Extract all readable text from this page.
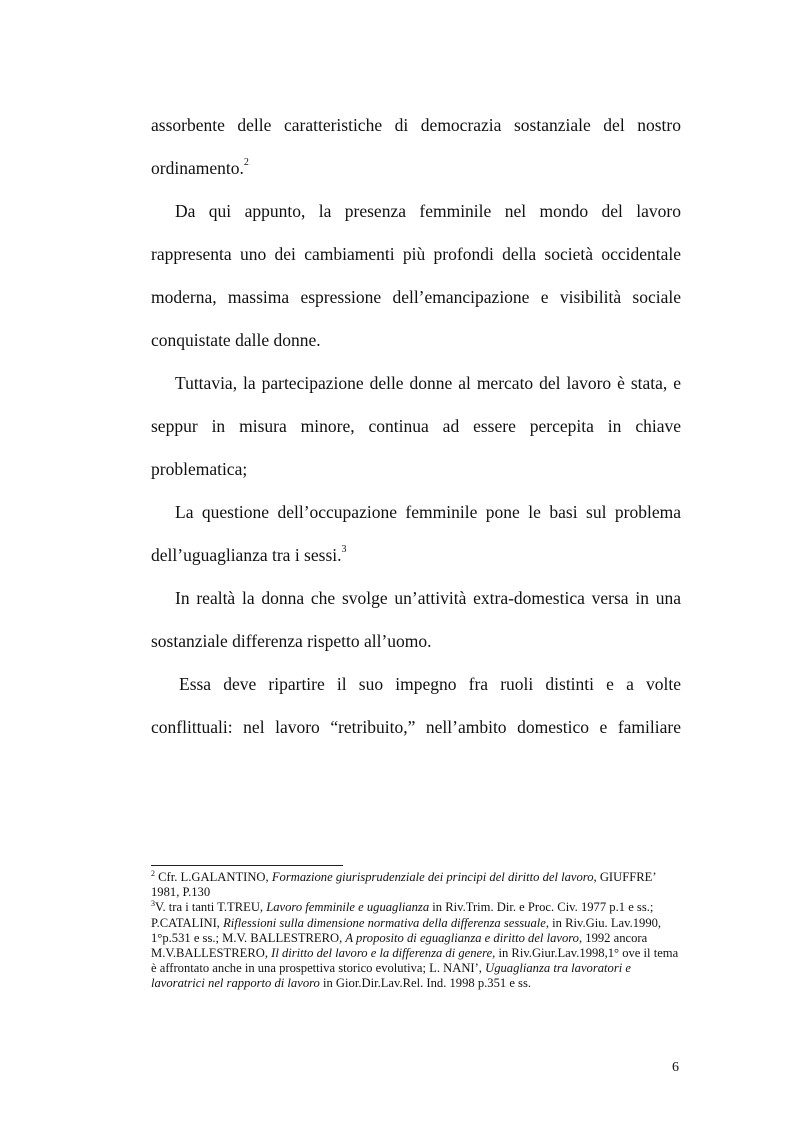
assorbente delle caratteristiche di democrazia sostanziale del nostro ordinamento.$^2$

Da qui appunto, la presenza femminile nel mondo del lavoro rappresenta uno dei cambiamenti più profondi della società occidentale moderna, massima espressione dell’emancipazione e visibilità sociale conquistate dalle donne.

Tuttavia, la partecipazione delle donne al mercato del lavoro è stata, e seppur in misura minore, continua ad essere percepita in chiave problematica;

La questione dell’occupazione femminile pone le basi sul problema dell’uguaglianza tra i sessi.$^3$

In realtà la donna che svolge un’attività extra-domestica versa in una sostanziale differenza rispetto all’uomo.

Essa deve ripartire il suo impegno fra ruoli distinti e a volte conflittuali: nel lavoro “retribuito,” nell’ambito domestico e familiare

$^2$ Cfr. L.GALANTINO, Formazione giurisprudenziale dei principi del diritto del lavoro, GIUFFRE’ 1981, P.130

$^3$V. tra i tanti T.TREU, Lavoro femminile e uguaglianza in Riv.Trim. Dir. e Proc. Civ. 1977 p.1 e ss.; P.CATALINI, Riflessioni sulla dimensione normativa della differenza sessuale, in Riv.Giu. Lav.1990, 1°p.531 e ss.; M.V. BALLESTRERO, A proposito di eguaglianza e diritto del lavoro, 1992 ancora M.V.BALLESTRERO, Il diritto del lavoro e la differenza di genere, in Riv.Giur.Lav.1998,1° ove il tema è affrontato anche in una prospettiva storico evolutiva; L. NANI’, Uguaglianza tra lavoratori e lavoratrici nel rapporto di lavoro in Gior.Dir.Lav.Rel. Ind. 1998 p.351 e ss.

6
